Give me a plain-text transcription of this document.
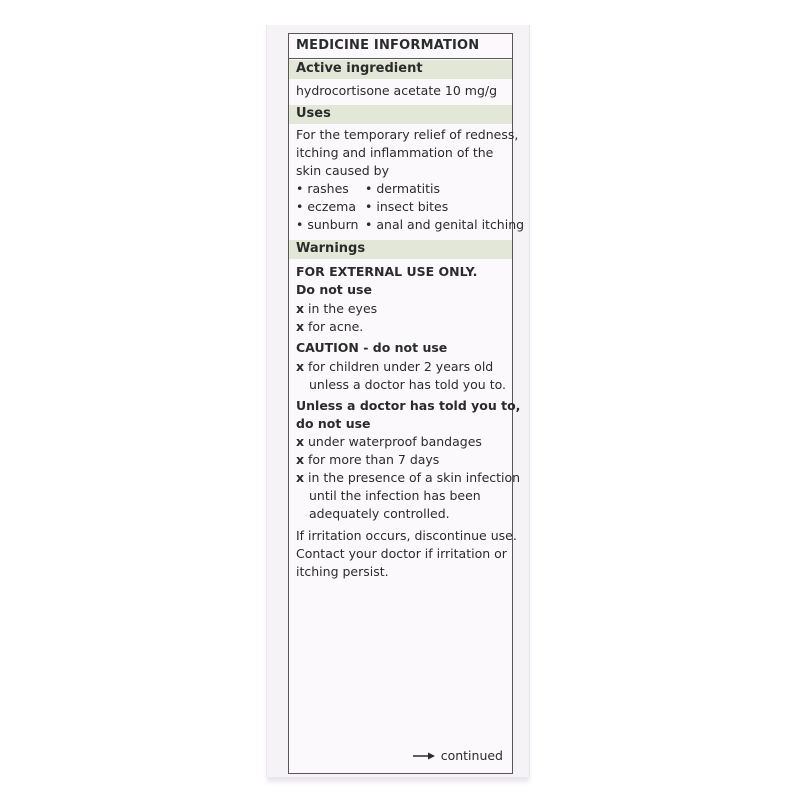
MEDICINE INFORMATION
Active ingredient
hydrocortisone acetate 10 mg/g
Uses
For the temporary relief of redness,
itching and inflammation of the
skin caused by
• rashes
• eczema
• sunburn
• dermatitis
• insect bites
• anal and genital itching
Warnings
FOR EXTERNAL USE ONLY.
Do not use
x in the eyes
x for acne.
CAUTION - do not use
x for children under 2 years old
unless a doctor has told you to.
Unless a doctor has told you to,
do not use
x under waterproof bandages
x for more than 7 days
x in the presence of a skin infection
until the infection has been
adequately controlled.
If irritation occurs, discontinue use.
Contact your doctor if irritation or
itching persist.
continued
